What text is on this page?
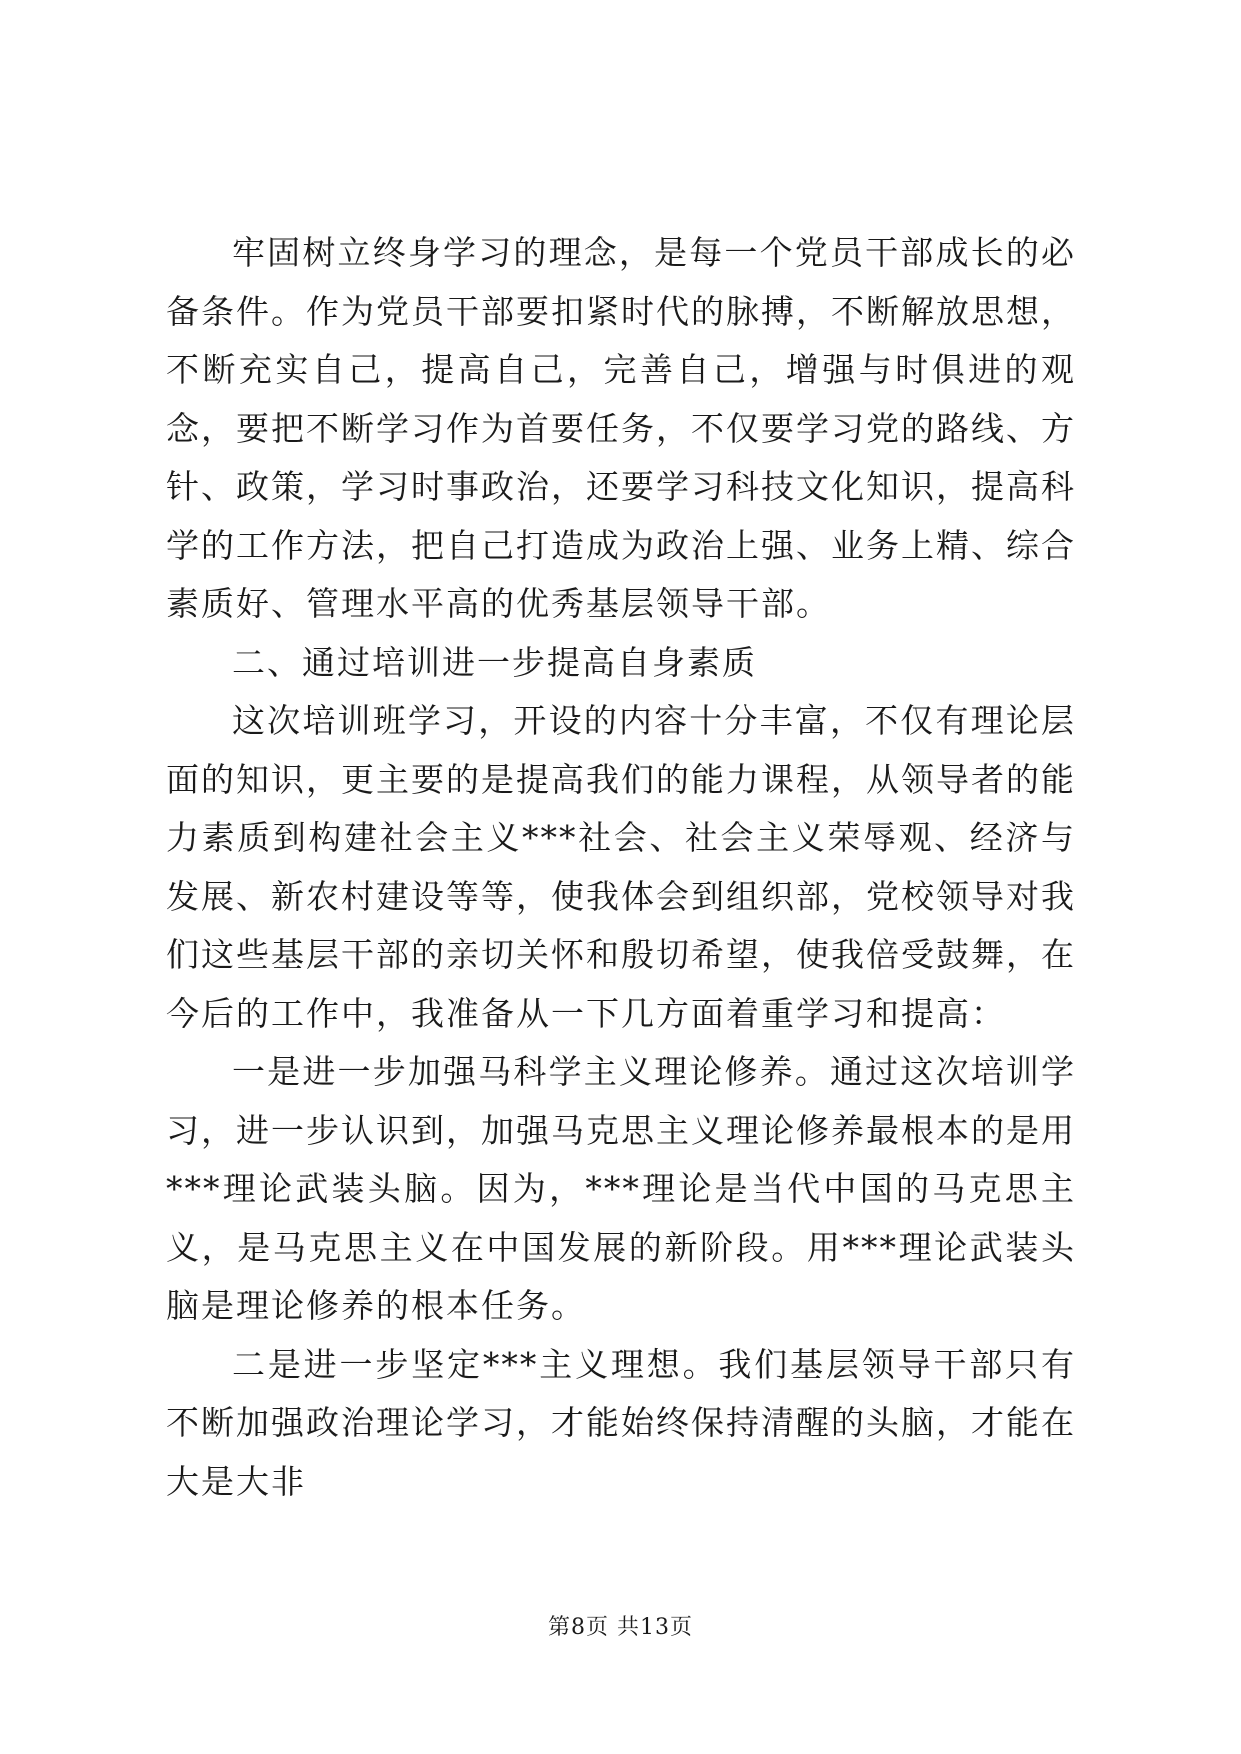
牢固树立终身学习的理念，是每一个党员干部成长的必备条件。作为党员干部要扣紧时代的脉搏，不断解放思想，不断充实自己，提高自己，完善自己，增强与时俱进的观念，要把不断学习作为首要任务，不仅要学习党的路线、方针、政策，学习时事政治，还要学习科技文化知识，提高科学的工作方法，把自己打造成为政治上强、业务上精、综合素质好、管理水平高的优秀基层领导干部。

二、通过培训进一步提高自身素质

这次培训班学习，开设的内容十分丰富，不仅有理论层面的知识，更主要的是提高我们的能力课程，从领导者的能力素质到构建社会主义***社会、社会主义荣辱观、经济与发展、新农村建设等等，使我体会到组织部，党校领导对我们这些基层干部的亲切关怀和殷切希望，使我倍受鼓舞，在今后的工作中，我准备从一下几方面着重学习和提高：

一是进一步加强马科学主义理论修养。通过这次培训学习，进一步认识到，加强马克思主义理论修养最根本的是用***理论武装头脑。因为，***理论是当代中国的马克思主义，是马克思主义在中国发展的新阶段。用***理论武装头脑是理论修养的根本任务。

二是进一步坚定***主义理想。我们基层领导干部只有不断加强政治理论学习，才能始终保持清醒的头脑，才能在大是大非

第8页 共13页
